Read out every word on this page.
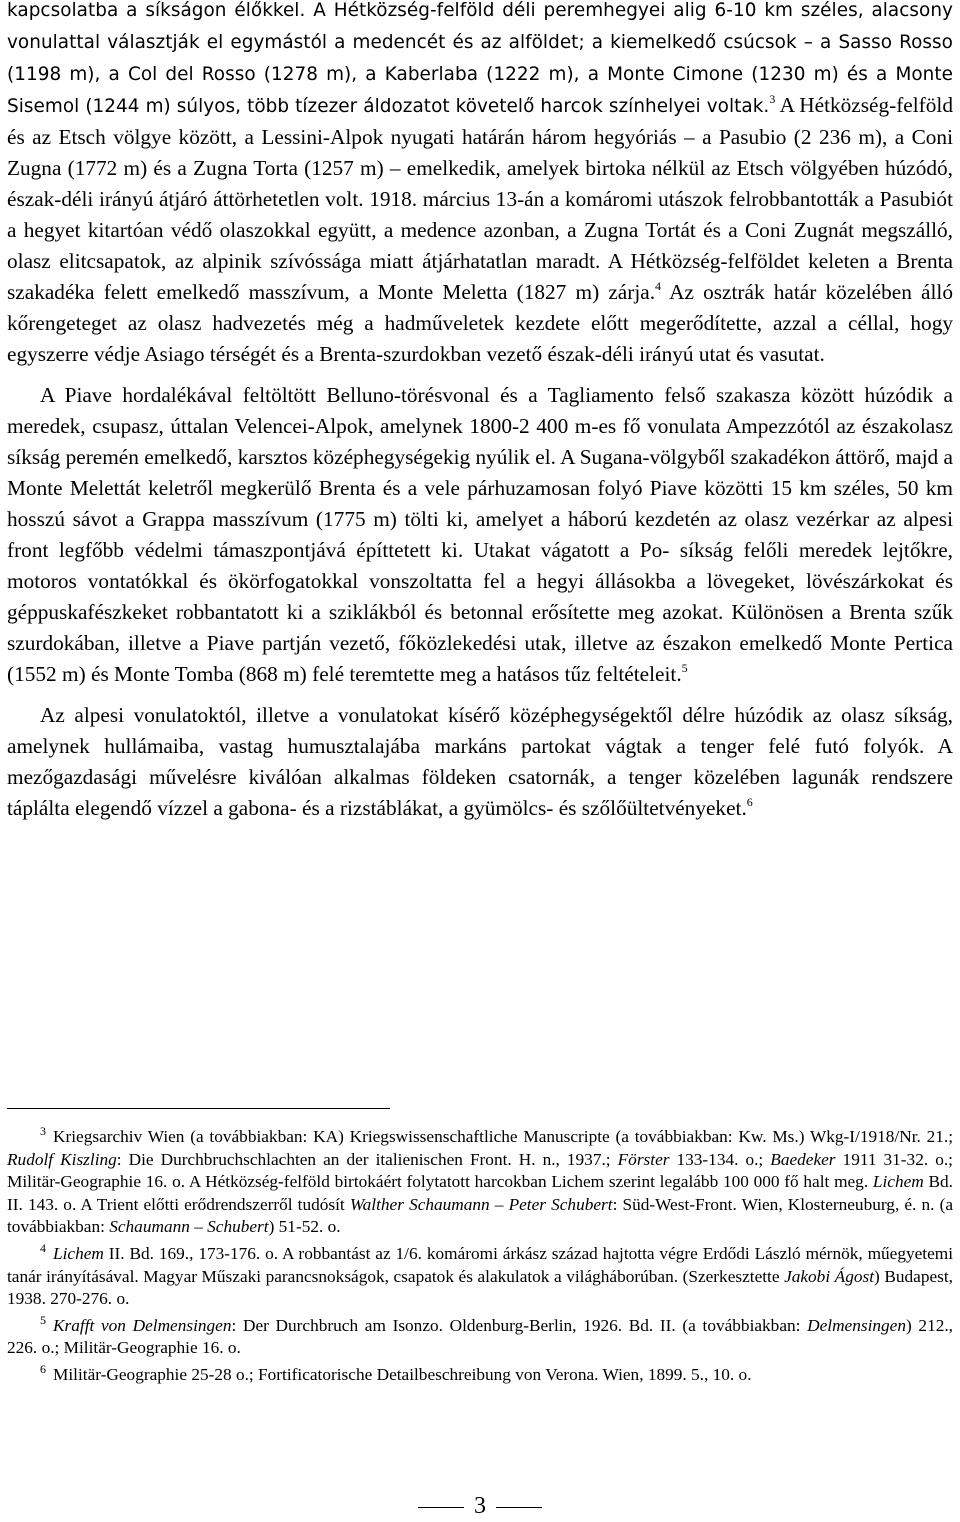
kapcsolatba a síkságon élőkkel. A Hétközség-felföld déli peremhegyei alig 6-10 km széles, alacsony vonulattal választják el egymástól a medencét és az alföldet; a kiemelkedő csúcsok – a Sasso Rosso (1198 m), a Col del Rosso (1278 m), a Kaberlaba (1222 m), a Monte Cimone (1230 m) és a Monte Sisemol (1244 m) súlyos, több tízezer áldozatot követelő harcok színhelyei voltak.$^3$ A Hétközség-felföld és az Etsch völgye között, a Lessini-Alpok nyugati határán három hegyóriás – a Pasubio (2 236 m), a Coni Zugna (1772 m) és a Zugna Torta (1257 m) – emelkedik, amelyek birtoka nélkül az Etsch völgyében húzódó, észak-déli irányú átjáró áttörhetetlen volt. 1918. március 13-án a komáromi utászok felrobbantották a Pasubiót a hegyet kitartóan védő olaszokkal együtt, a medence azonban, a Zugna Tortát és a Coni Zugnát megszálló, olasz elitcsapatok, az alpinik szívóssága miatt átjárhatatlan maradt. A Hétközség-felföldet keleten a Brenta szakadéka felett emelkedő masszívum, a Monte Meletta (1827 m) zárja.$^4$ Az osztrák határ közelében álló kőrengeteget az olasz hadvezetés még a hadműveletek kezdete előtt megerődítette, azzal a céllal, hogy egyszerre védje Asiago térségét és a Brenta-szurdokban vezető észak-déli irányú utat és vasutat.

A Piave hordalékával feltöltött Belluno-törésvonal és a Tagliamento felső szakasza között húzódik a meredek, csupasz, úttalan Velencei-Alpok, amelynek 1800-2 400 m-es fő vonulata Ampezzótól az északolasz síkság peremén emelkedő, karsztos középhegységekig nyúlik el. A Sugana-völgyből szakadékon áttörő, majd a Monte Melettát keletről megkerülő Brenta és a vele párhuzamosan folyó Piave közötti 15 km széles, 50 km hosszú sávot a Grappa masszívum (1775 m) tölti ki, amelyet a háború kezdetén az olasz vezérkar az alpesi front legfőbb védelmi támaszpontjává építtetett ki. Utakat vágatott a Po- síkság felőli meredek lejtőkre, motoros vontatókkal és ökörfogatokkal vonszoltatta fel a hegyi állásokba a lövegeket, lövészárkokat és géppuskafészkeket robbantatott ki a sziklákból és betonnal erősítette meg azokat. Különösen a Brenta szűk szurdokában, illetve a Piave partján vezető, főközlekedési utak, illetve az északon emelkedő Monte Pertica (1552 m) és Monte Tomba (868 m) felé teremtette meg a hatásos tűz feltételeit.$^5$

Az alpesi vonulatoktól, illetve a vonulatokat kísérő középhegységektől délre húzódik az olasz síkság, amelynek hullámaiba, vastag humusztalajába markáns partokat vágtak a tenger felé futó folyók. A mezőgazdasági művelésre kiválóan alkalmas földeken csatornák, a tenger közelében lagunák rendszere táplálta elegendő vízzel a gabona- és a rizstáblákat, a gyümölcs- és szőlőültetvényeket.$^6$

$^3$ Kriegsarchiv Wien (a továbbiakban: KA) Kriegswissenschaftliche Manuscripte (a továbbiakban: Kw. Ms.) Wkg-I/1918/Nr. 21.; Rudolf Kiszling: Die Durchbruchschlachten an der italienischen Front. H. n., 1937.; Förster 133-134. o.; Baedeker 1911 31-32. o.; Militär-Geographie 16. o. A Hétközség-felföld birtokáért folytatott harcokban Lichem szerint legalább 100 000 fő halt meg. Lichem Bd. II. 143. o. A Trient előtti erődrendszerről tudósít Walther Schaumann – Peter Schubert: Süd-West-Front. Wien, Klosterneuburg, é. n. (a továbbiakban: Schaumann – Schubert) 51-52. o.

$^4$ Lichem II. Bd. 169., 173-176. o. A robbantást az 1/6. komáromi árkász század hajtotta végre Erdődi László mérnök, műegyetemi tanár irányításával. Magyar Műszaki parancsnokságok, csapatok és alakulatok a világháborúban. (Szerkesztette Jakobi Ágost) Budapest, 1938. 270-276. o.

$^5$ Krafft von Delmensingen: Der Durchbruch am Isonzo. Oldenburg-Berlin, 1926. Bd. II. (a továbbiakban: Delmensingen) 212., 226. o.; Militär-Geographie 16. o.

$^6$ Militär-Geographie 25-28 o.; Fortificatorische Detailbeschreibung von Verona. Wien, 1899. 5., 10. o.

3
